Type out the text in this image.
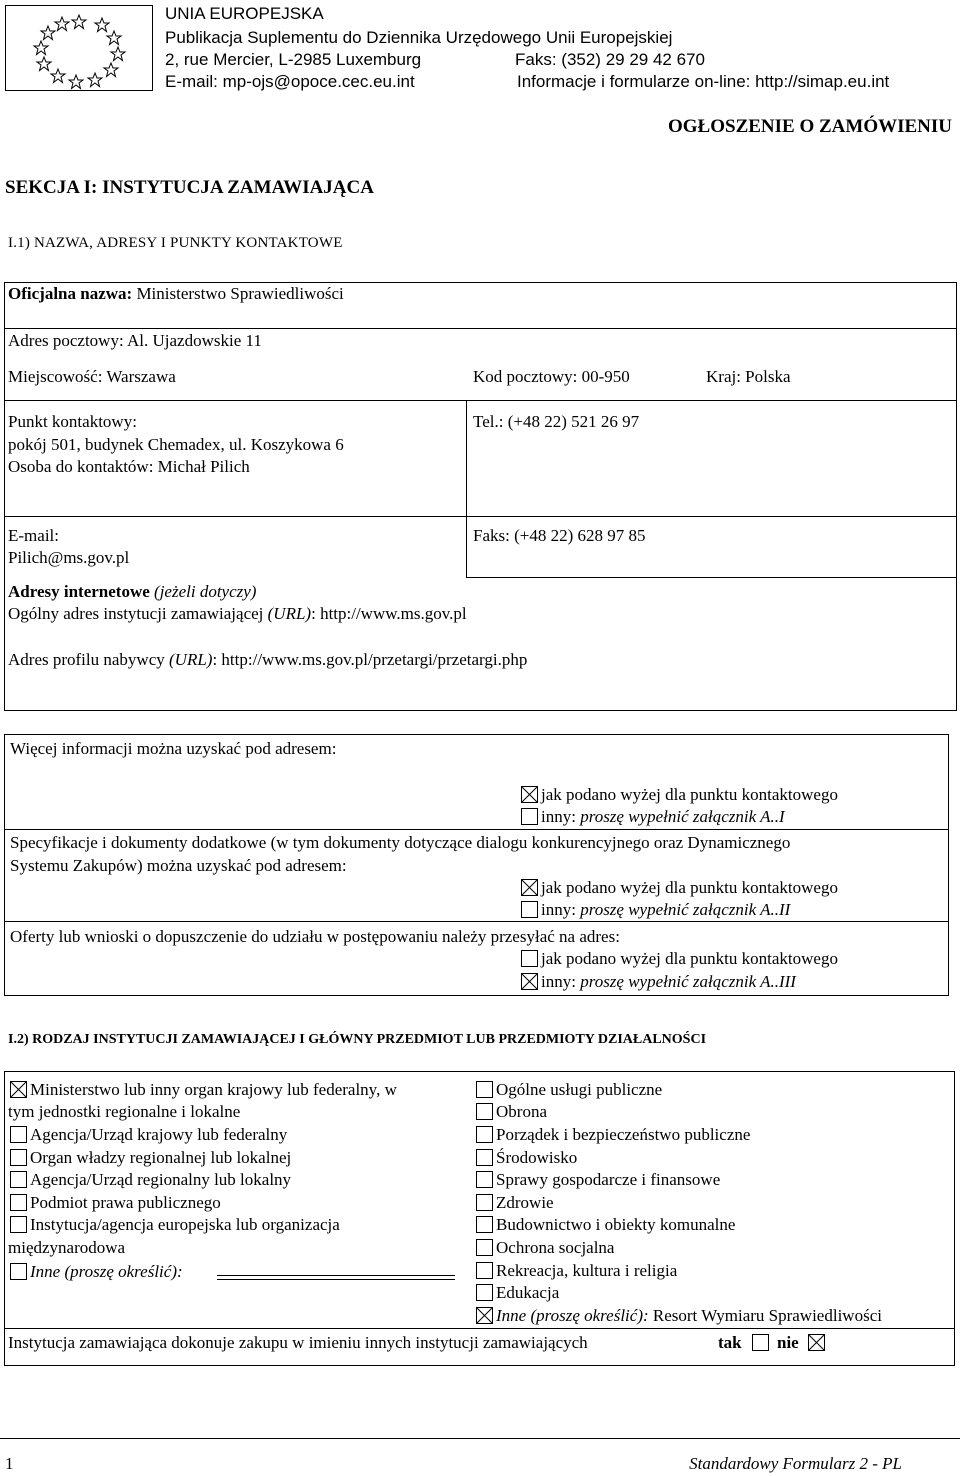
UNIA EUROPEJSKA
Publikacja Suplementu do Dziennika Urzędowego Unii Europejskiej
2, rue Mercier, L-2985 Luxemburg	Faks: (352) 29 29 42 670
E-mail: mp-ojs@opoce.cec.eu.int	Informacje i formularze on-line: http://simap.eu.int
OGŁOSZENIE O ZAMÓWIENIU
SEKCJA I: INSTYTUCJA ZAMAWIAJĄCA
I.1) NAZWA, ADRESY I PUNKTY KONTAKTOWE
Oficjalna nazwa: Ministerstwo Sprawiedliwości
Adres pocztowy: Al. Ujazdowskie 11
Miejscowość: Warszawa	Kod pocztowy: 00-950	Kraj: Polska
Punkt kontaktowy:
pokój 501, budynek Chemadex, ul. Koszykowa 6
Osoba do kontaktów: Michał Pilich
Tel.: (+48 22) 521 26 97
E-mail:
Pilich@ms.gov.pl
Faks: (+48 22) 628 97 85
Adresy internetowe (jeżeli dotyczy)
Ogólny adres instytucji zamawiającej (URL): http://www.ms.gov.pl
Adres profilu nabywcy (URL): http://www.ms.gov.pl/przetargi/przetargi.php
Więcej informacji można uzyskać pod adresem:
jak podano wyżej dla punktu kontaktowego
inny: proszę wypełnić załącznik A..I
Specyfikacje i dokumenty dodatkowe (w tym dokumenty dotyczące dialogu konkurencyjnego oraz Dynamicznego
Systemu Zakupów) można uzyskać pod adresem:
jak podano wyżej dla punktu kontaktowego
inny: proszę wypełnić załącznik A..II
Oferty lub wnioski o dopuszczenie do udziału w postępowaniu należy przesyłać na adres:
jak podano wyżej dla punktu kontaktowego
inny: proszę wypełnić załącznik A..III
I.2) RODZAJ INSTYTUCJI ZAMAWIAJĄCEJ I GŁÓWNY PRZEDMIOT LUB PRZEDMIOTY DZIAŁALNOŚCI
Ministerstwo lub inny organ krajowy lub federalny, w
tym jednostki regionalne i lokalne
Agencja/Urząd krajowy lub federalny
Organ władzy regionalnej lub lokalnej
Agencja/Urząd regionalny lub lokalny
Podmiot prawa publicznego
Instytucja/agencja europejska lub organizacja
międzynarodowa
Inne (proszę określić):
Ogólne usługi publiczne
Obrona
Porządek i bezpieczeństwo publiczne
Środowisko
Sprawy gospodarcze i finansowe
Zdrowie
Budownictwo i obiekty komunalne
Ochrona socjalna
Rekreacja, kultura i religia
Edukacja
Inne (proszę określić): Resort Wymiaru Sprawiedliwości
Instytucja zamawiająca dokonuje zakupu w imieniu innych instytucji zamawiających	tak nie
1	Standardowy Formularz 2 - PL
